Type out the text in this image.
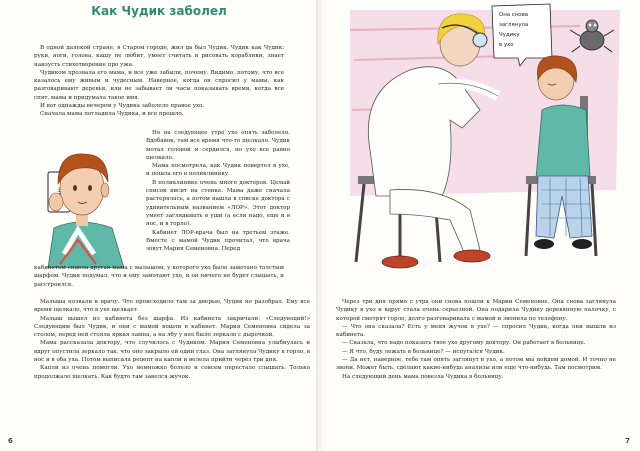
Как Чудик заболел

В одной далекой стране, в Старом городе, жил да был Чудик. Чудик как Чудик: руки, ноги, голова, кашу не любит, умеет считать и рисовать кораблики, знает наизусть стихотворение про ужа.

Чудиком прозвала его мама, и все уже забыли, почему. Видимо, потому, что все казалось ему живым и чудесным. Наверное, когда он спросил у мамы, как разговаривают деревья, или не забывает ли часы показывать время, когда все спят, мама и придумала такое имя.

И вот однажды вечером у Чудика заболело правое ухо.

Сначала мама погладила Чудика, и все прошло.

Но на следующее утро ухо опять заболело. Вдобавок, там все время что-то щелкало. Чудик мотал головой и сердился, но ухо все равно щелкало.

Мама посмотрела, как Чудик повертел в ухе, и пошла его в поликлинику.

В поликлинике очень много докторов. Целый список висит на стенке. Мама даже сначала растерялась, а потом нашла в списке доктора с удивительным названием «ЛОР». Этот доктор умеет заглядывать в уши (а если надо, еще и в нос, и в горло).

Кабинет ЛОР-врача был на третьем этаже. Вместе с мамой Чудик прочитал, что врача зовут Мария Семеновна. Перед

кабинетом сидела другая мама с малышом, у которого ухо было замотано толстым шарфом. Чудик подумал, что и ему замотают ухо, и он ничего не будет слышать, и расстроился.

Малыша позвали к врачу. Что происходило там за дверью, Чудик не разобрал. Ему все время щелкало, что в ухе щелкает.

Малыш вышел из кабинета без шарфа. Из кабинета закричали: «Следующий!» Следующим был Чудик, и они с мамой вошли в кабинет. Мария Семеновна сидела за столом, перед ней стояла яркая лампа, а на лбу у нее было зеркало с дырочкой.

Мама рассказала доктору, что случилось с Чудиком. Мария Семеновна улыбнулась и вдруг опустила зеркало так, что оно закрыло ей один глаз. Она заглянула Чудику в горло, в нос и в оба уха. Потом выписала рецепт на капли и велела прийти через три дня.

Капли из очень помогли. Ухо немножко болело и совсем перестало слышать. Только продолжало щелкать. Как будто там завелся жучок.

6
Она снова
заглянула
Чудику
в ухо

Через три дня прямо с утра они снова пошли к Марии Семеновне. Она снова заглянула Чудику в ухо и вдруг стала очень серьезной. Она подарила Чудику деревянную палочку, с которой смотрят горло, долго разговаривала с мамой и звонила по телефону.

— Что она сказала? Есть у меня жучок в ухе? — спросил Чудик, когда они вышли из кабинета.

— Сказала, что надо показать твое ухо другому доктору. Он работает в больнице.

— Я что, буду лежать в больнице? — испугался Чудик.

— Да нет, наверное, тебе там опять заглянут в ухо, а потом мы пойдем домой. И точно не звони. Может быть, сделают какие-нибудь анализы или еще что-нибудь. Там посмотрим.

На следующий день мама повезла Чудика в больницу.

7
